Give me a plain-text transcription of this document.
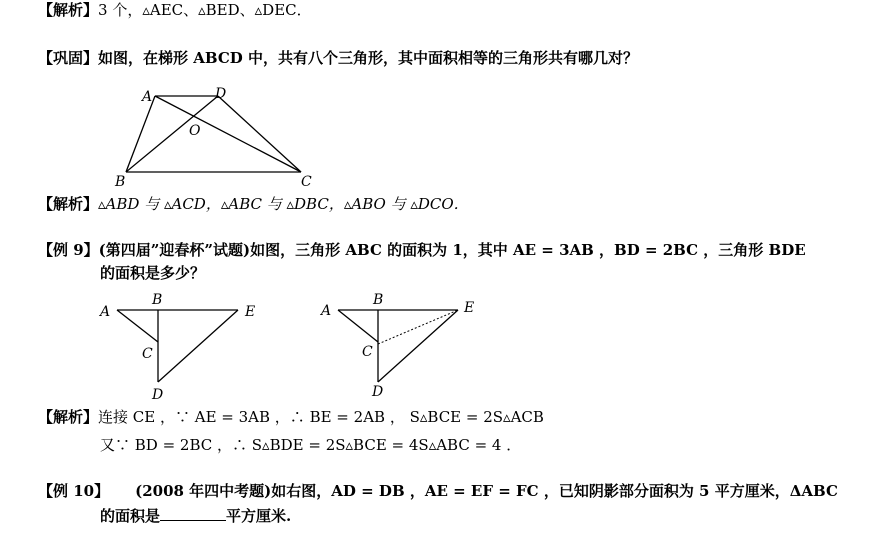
【解析】3 个，▵AEC、▵BED、▵DEC．
【巩固】如图，在梯形 ABCD 中，共有八个三角形，其中面积相等的三角形共有哪几对？
A	D
O
B	C
【解析】▵ABD 与 ▵ACD，▵ABC 与 ▵DBC，▵ABO 与 ▵DCO．
【例 9】(第四届”迎春杯”试题)如图，三角形 ABC 的面积为 1，其中 AE = 3AB ，BD = 2BC ，三角形 BDE
的面积是多少？
A
B
E
C
D
A
B	E
C
D
【解析】连接 CE ，∵ AE = 3AB ，∴ BE = 2AB ， S▵BCE = 2S▵ACB
又∵ BD = 2BC ，∴ S▵BDE = 2S▵BCE = 4S▵ABC = 4 ．
【例 10】 (2008 年四中考题)如右图，AD = DB ，AE = EF = FC ，已知阴影部分面积为 5 平方厘米，ΔABC
的面积是	平方厘米.
